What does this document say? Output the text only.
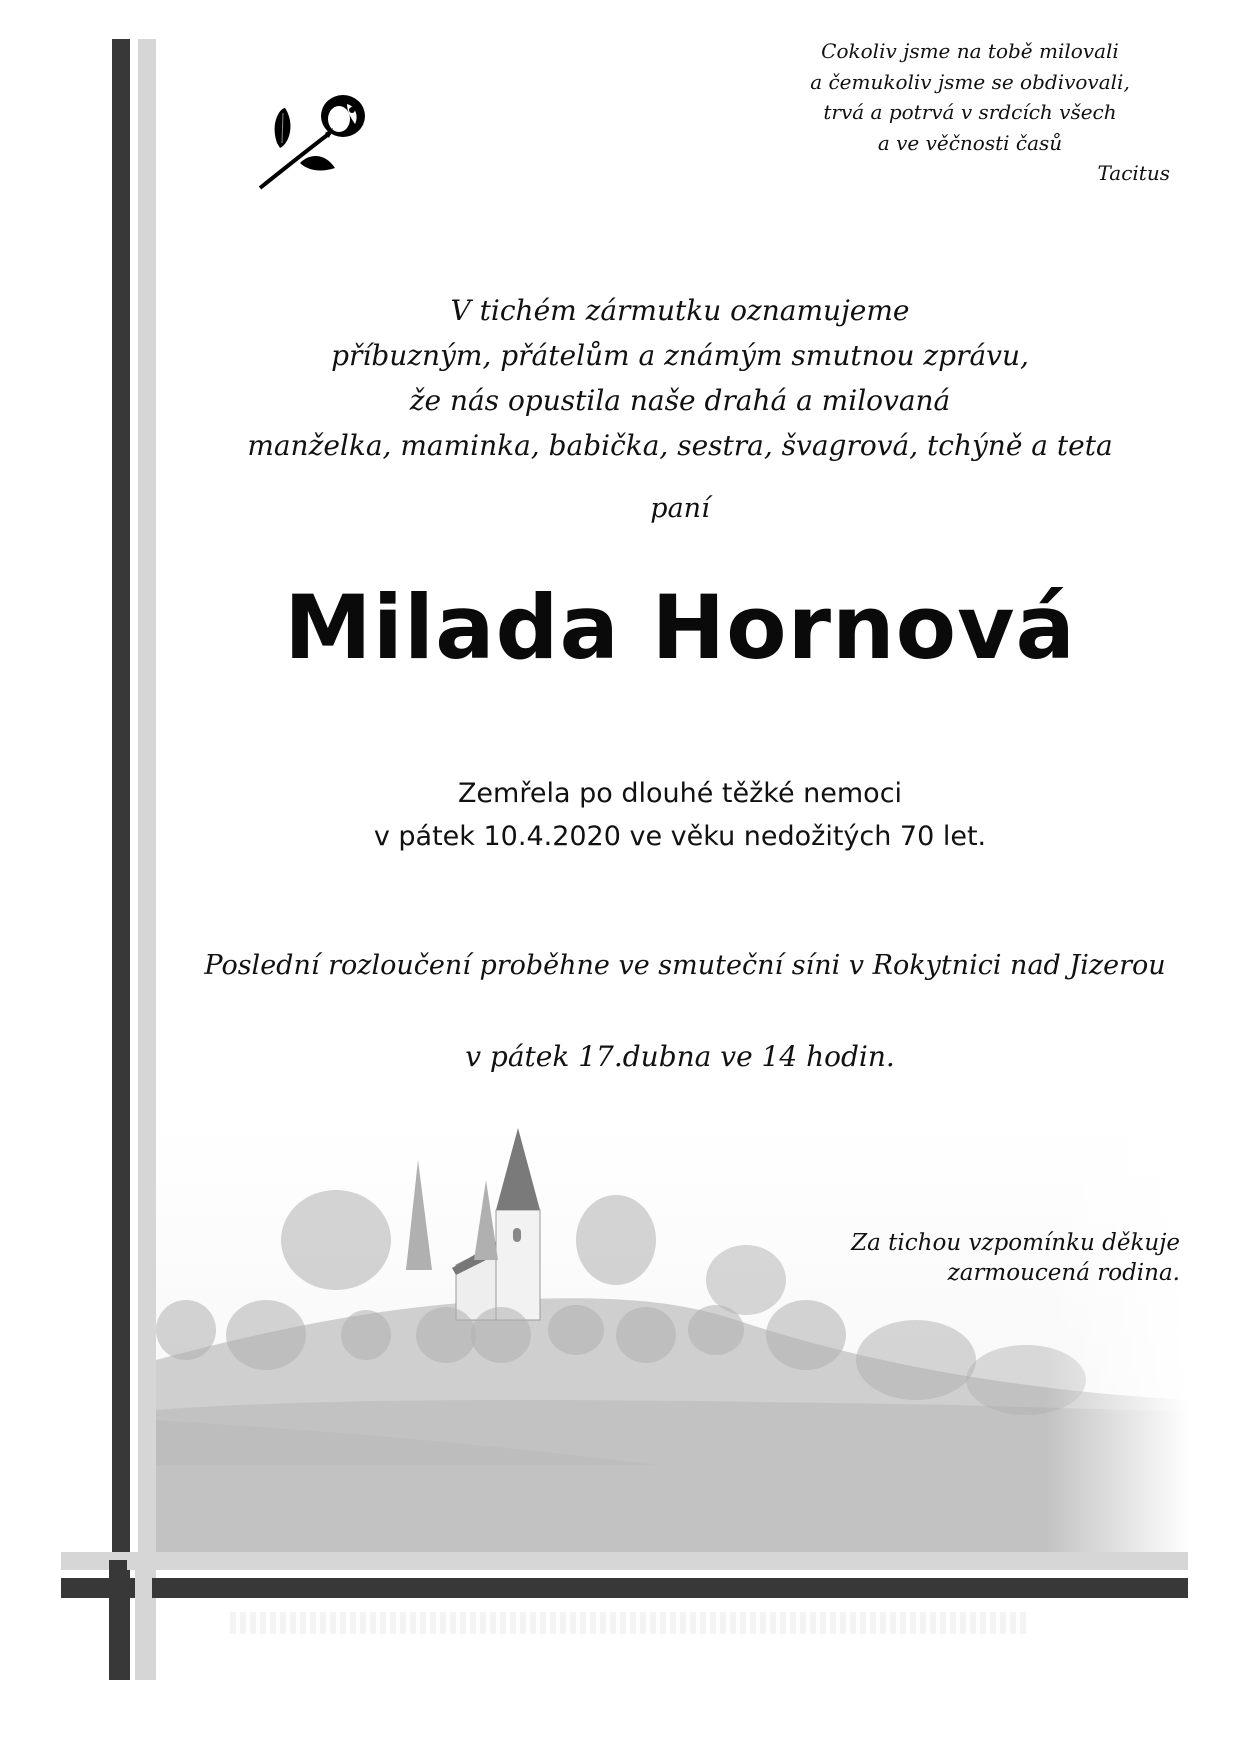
Cokoliv jsme na tobě milovali
a čemukoliv jsme se obdivovali,
trvá a potrvá v srdcích všech
a ve věčnosti časů
Tacitus
V tichém zármutku oznamujeme
příbuzným, přátelům a známým smutnou zprávu,
že nás opustila naše drahá a milovaná
manželka, maminka, babička, sestra, švagrová, tchýně a teta
paní
Milada Hornová
Zemřela po dlouhé těžké nemoci
v pátek 10.4.2020 ve věku nedožitých 70 let.
Poslední rozloučení proběhne ve smuteční síni v Rokytnici nad Jizerou
v pátek 17.dubna ve 14 hodin.
Za tichou vzpomínku děkuje
zarmoucená rodina.
